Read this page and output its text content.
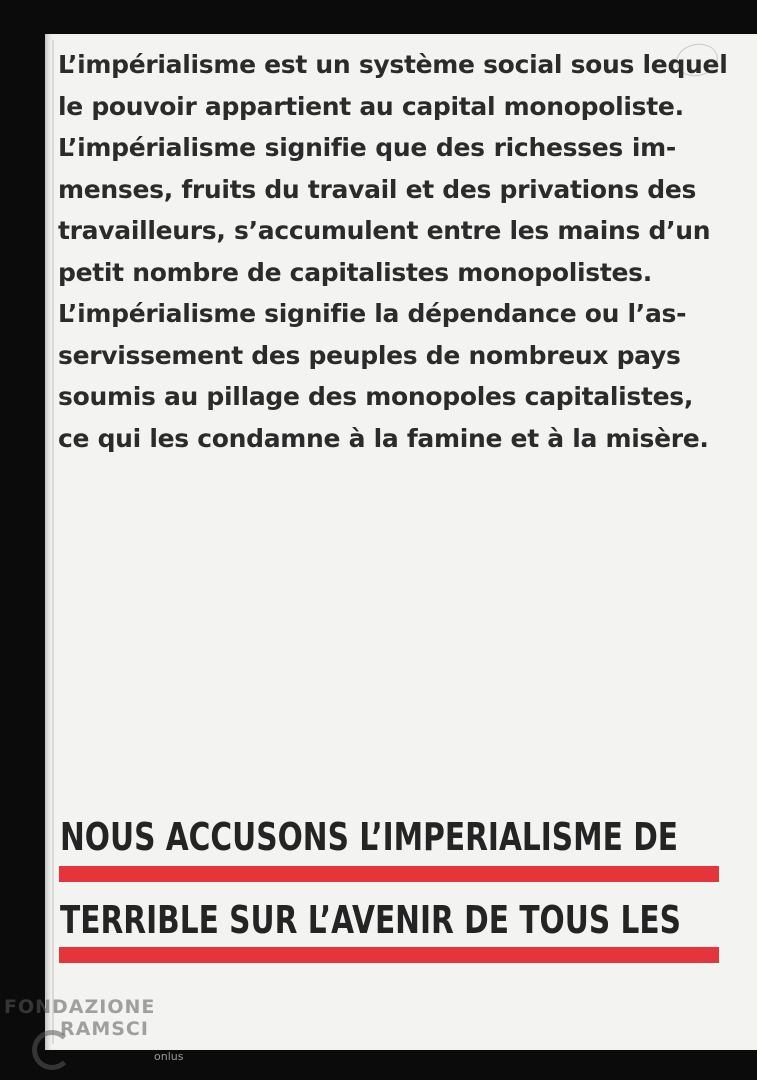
L’impérialisme est un système social sous lequel
le pouvoir appartient au capital monopoliste.
L’impérialisme signifie que des richesses im-
menses, fruits du travail et des privations des
travailleurs, s’accumulent entre les mains d’un
petit nombre de capitalistes monopolistes.
L’impérialisme signifie la dépendance ou l’as-
servissement des peuples de nombreux pays
soumis au pillage des monopoles capitalistes,
ce qui les condamne à la famine et à la misère.
NOUS ACCUSONS L’IMPERIALISME DE
TERRIBLE SUR L’AVENIR DE TOUS LES
FONDAZIONE
RAMSCI
onlus
